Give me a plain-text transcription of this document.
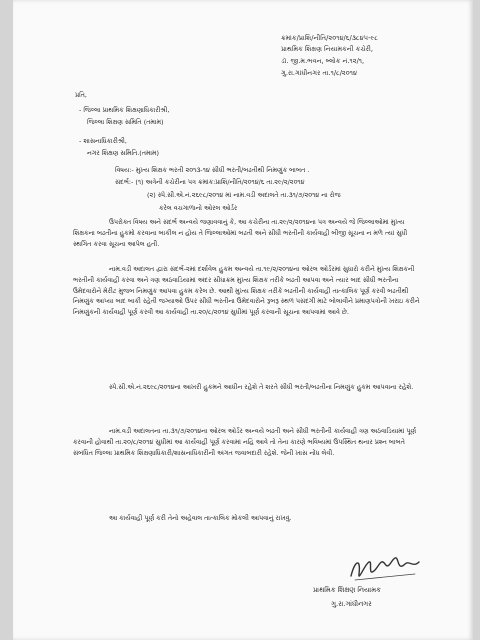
ક્રમાંક/પ્રાશિ/નીતિ/૨૦૧૪/૬/૩૮૪૫-૯૮
પ્રાથમિક શિક્ષણ નિયામકની કચેરી,
ડૉ. જી.મ.ભવન, બ્લોક નં.૧૨/૧,
ગુ.રા.ગાંધીનગર તા.૧/૮/૨૦૧૪
પ્રતિ,
- જિલ્લા પ્રાથમિક શિક્ષણાધિકારીશ્રી,
જિલ્લા શિક્ષણ સમિતિ (તમામ)
- શાસનાધિકારીશ્રી,
નગર શિક્ષણ સમિતિ.(તમામ)
વિષય:- મુખ્ય શિક્ષક ભરતી ૨૦૧૩-૧૪ સીધી ભરતી/બઢતીથી નિમણુંક બાબત .
સંદર્ભ:- (૧) અત્રેની કચેરીના પત્ર ક્રમાંક:પ્રાશિ/નીતિ/૨૦૧૪/૬ તા.૨૯/૨/૨૦૧૪
(૨) સ્પે.સી.એ.નં.૨૬૯૮/૨૦૧૪ માં નામ.વડી અદાલતે તા.૩૧/૭/૨૦૧૪ ના રોજ
કરેલ વચગાળાનો ઓરલ ઓર્ડર

ઉપરોક્ત વિષય અને સંદર્ભ અન્વયે જણાવવાનું કે, આ કચેરીના તા.૨૯/૨/૨૦૧૪ના પત્ર અન્વયે જે જિલ્લાઓમાં મુખ્ય શિક્ષકના બઢતીના હુકમો કરવાના બાકીલ ન હોય તે જિલ્લાઓમાં બઢતી અને સીધી ભરતીની કાર્યવાહી બીજી સૂચના ન મળે ત્યાં સુધી સ્થગિત કરવા સૂચના આપેલ હતી.

નામ.વડી અદાલત દ્વારા સંદર્ભ-૨માં દર્શાવેલ હુકમ અન્વયે તા.૧૯/૨/૨૦૧૪ના ઓરલ ઓર્ડરમાં સુધારો કરીને મુખ્ય શિક્ષકની ભરતીની કાર્યવાહી કરવા અને ત્રણ અઠવાડિયામાં અંદર સીધાક્રમ મુખ્ય શિક્ષક તરીકે બઢતી આપવા અને ત્યાર બાદ સીધી ભરતીના ઉમેદવારોને મેરીટ મુજબ નિમણુંક આપવા હુકમ કરેલ છે. આથી મુખ્ય શિક્ષક તરીકે બઢતીની કાર્યવાહી તાત્કાલિક પૂર્ણ કરવી બઢતીથી નિમણુંક આપ્યા બાદ બાકી રહેતી જગ્યાઓ ઉપર સીધી ભરતીના ઉમેદવારોને રૂબરૂ સ્થળ પસંદગી માટે બોલાવીને પ્રમાણપત્રોની ખરાઇ કરીને નિમણુંકની કાર્યવાહી પૂર્ણ કરવી આ કાર્યવાહી તા.૨૦/૮/૨૦૧૪ સુધીમાં પૂર્ણ કરવાની સૂચના આપવામાં આવે છે.

સ્પે.સી.એ.નં.૨૬૯૮/૨૦૧૪ના આખરી હુકમને આધીન રહેશે તે શરતે સીધી ભરતી/બઢતીના નિમણુંક હુકમ આપવાના રહેશે.

નામ.વડી અદાલતના તા.૩૧/૭/૨૦૧૪ના ઓરલ ઓર્ડર અન્વયે બઢતી અને સીધી ભરતીની કાર્યવાહી ત્રણ અઠવાડિયામાં પૂર્ણ કરવાની હોવાથી તા.૨૦/૮/૨૦૧૪ સુધીમાં આ કાર્યવાહી પૂર્ણ કરવામાં નહિ આવે તો તેના કારણે ભવિષ્યમાં ઉપસ્થિત થનાર પ્રશ્ન બાબતે સંબંધિત જિલ્લા પ્રાથમિક શિક્ષણાધિકારી/શાસનાધિકારીની અંગત જવાબદારી રહેશે. જેની ખાસ નોંધ લેવી.

આ કાર્યવાહી પૂર્ણ કરી તેનો અહેવાલ તાત્કાલિક મોકલી આપવાનું રાખવું.

પ્રાથમિક શિક્ષણ નિયામક
ગુ.રા.ગાંધીનગર
